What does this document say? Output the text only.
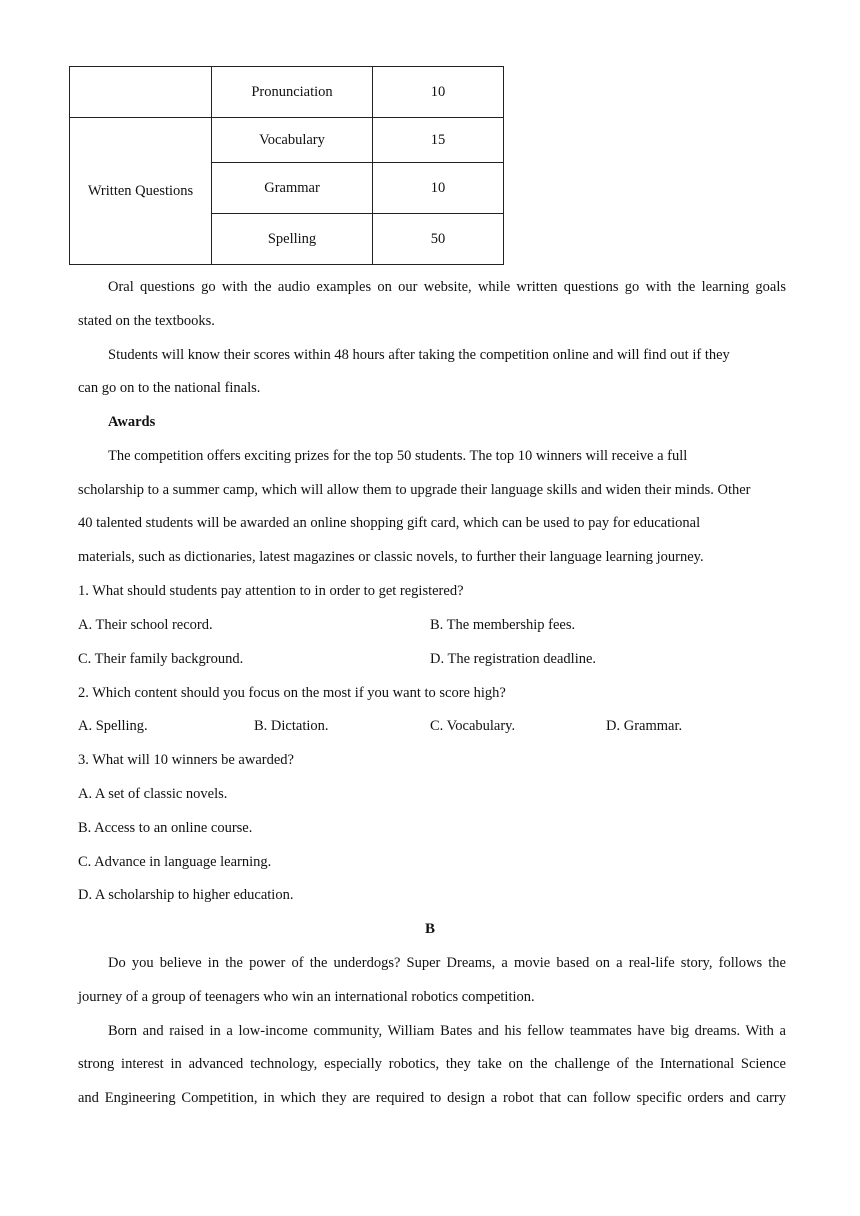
	Pronunciation	10
Written Questions	Vocabulary	15
	Grammar	10
	Spelling	50
Oral questions go with the audio examples on our website, while written questions go with the learning goals
stated on the textbooks.
Students will know their scores within 48 hours after taking the competition online and will find out if they
can go on to the national finals.
Awards
The competition offers exciting prizes for the top 50 students. The top 10 winners will receive a full
scholarship to a summer camp, which will allow them to upgrade their language skills and widen their minds. Other
40 talented students will be awarded an online shopping gift card, which can be used to pay for educational
materials, such as dictionaries, latest magazines or classic novels, to further their language learning journey.
1. What should students pay attention to in order to get registered?
A. Their school record.	B. The membership fees.
C. Their family background.	D. The registration deadline.
2. Which content should you focus on the most if you want to score high?
A. Spelling.	B. Dictation.	C. Vocabulary.	D. Grammar.
3. What will 10 winners be awarded?
A. A set of classic novels.
B. Access to an online course.
C. Advance in language learning.
D. A scholarship to higher education.
B
Do you believe in the power of the underdogs? Super Dreams, a movie based on a real-life story, follows the
journey of a group of teenagers who win an international robotics competition.
Born and raised in a low-income community, William Bates and his fellow teammates have big dreams. With a
strong interest in advanced technology, especially robotics, they take on the challenge of the International Science
and Engineering Competition, in which they are required to design a robot that can follow specific orders and carry
